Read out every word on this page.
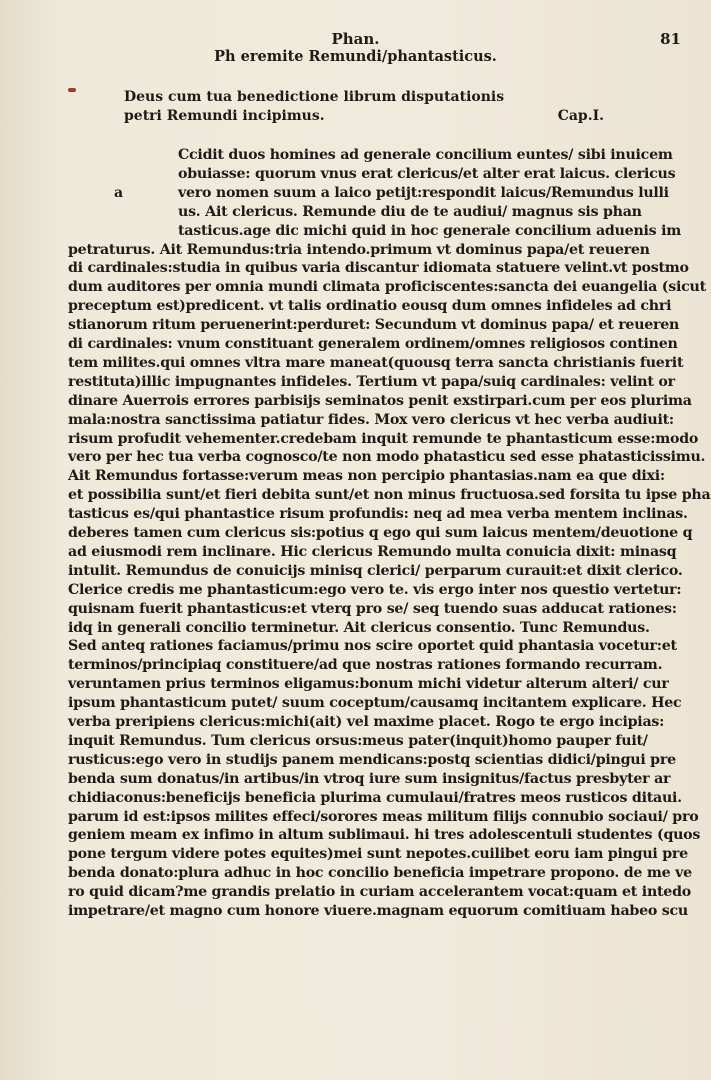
Phan.	81
Ph eremite Remundi/phantasticus.
a
Deus cum tua benedictione librum disputationis
petri Remundi incipimus.	Cap.I.
Ccidit duos homines ad generale concilium euntes/ sibi inuicem
obuiasse: quorum vnus erat clericus/et alter erat laicus. clericus
vero nomen suum a laico petijt:respondit laicus/Remundus lulli
us. Ait clericus. Remunde diu de te audiui/ magnus sis phan
tasticus.age dic michi quid in hoc generale concilium aduenis im
petraturus. Ait Remundus:tria intendo.primum vt dominus papa/et reueren
di cardinales:studia in quibus varia discantur idiomata statuere velint.vt postmo
dum auditores per omnia mundi climata proficiscentes:sancta dei euangelia (sicut
preceptum est)predicent. vt talis ordinatio eousq dum omnes infideles ad chri
stianorum ritum peruenerint:perduret: Secundum vt dominus papa/ et reueren
di cardinales: vnum constituant generalem ordinem/omnes religiosos continen
tem milites.qui omnes vltra mare maneat(quousq terra sancta christianis fuerit
restituta)illic impugnantes infideles. Tertium vt papa/suiq cardinales: velint or
dinare Auerrois errores parbisijs seminatos penit exstirpari.cum per eos plurima
mala:nostra sanctissima patiatur fides. Mox vero clericus vt hec verba audiuit:
risum profudit vehementer.credebam inquit remunde te phantasticum esse:modo
vero per hec tua verba cognosco/te non modo phatasticu sed esse phatasticissimu.
Ait Remundus fortasse:verum meas non percipio phantasias.nam ea que dixi:
et possibilia sunt/et fieri debita sunt/et non minus fructuosa.sed forsita tu ipse pha
tasticus es/qui phantastice risum profundis: neq ad mea verba mentem inclinas.
deberes tamen cum clericus sis:potius q ego qui sum laicus mentem/deuotione q
ad eiusmodi rem inclinare. Hic clericus Remundo multa conuicia dixit: minasq
intulit. Remundus de conuicijs minisq clerici/ perparum curauit:et dixit clerico.
Clerice credis me phantasticum:ego vero te. vis ergo inter nos questio vertetur:
quisnam fuerit phantasticus:et vterq pro se/ seq tuendo suas adducat rationes:
idq in generali concilio terminetur. Ait clericus consentio. Tunc Remundus.
Sed anteq rationes faciamus/primu nos scire oportet quid phantasia vocetur:et
terminos/principiaq constituere/ad que nostras rationes formando recurram.
veruntamen prius terminos eligamus:bonum michi videtur alterum alteri/ cur
ipsum phantasticum putet/ suum coceptum/causamq incitantem explicare. Hec
verba preripiens clericus:michi(ait) vel maxime placet. Rogo te ergo incipias:
inquit Remundus. Tum clericus orsus:meus pater(inquit)homo pauper fuit/
rusticus:ego vero in studijs panem mendicans:postq scientias didici/pingui pre
benda sum donatus/in artibus/in vtroq iure sum insignitus/factus presbyter ar
chidiaconus:beneficijs beneficia plurima cumulaui/fratres meos rusticos ditaui.
parum id est:ipsos milites effeci/sorores meas militum filijs connubio sociaui/ pro
geniem meam ex infimo in altum sublimaui. hi tres adolescentuli studentes (quos
pone tergum videre potes equites)mei sunt nepotes.cuilibet eoru iam pingui pre
benda donato:plura adhuc in hoc concilio beneficia impetrare propono. de me ve
ro quid dicam?me grandis prelatio in curiam accelerantem vocat:quam et intedo
impetrare/et magno cum honore viuere.magnam equorum comitiuam habeo scu
